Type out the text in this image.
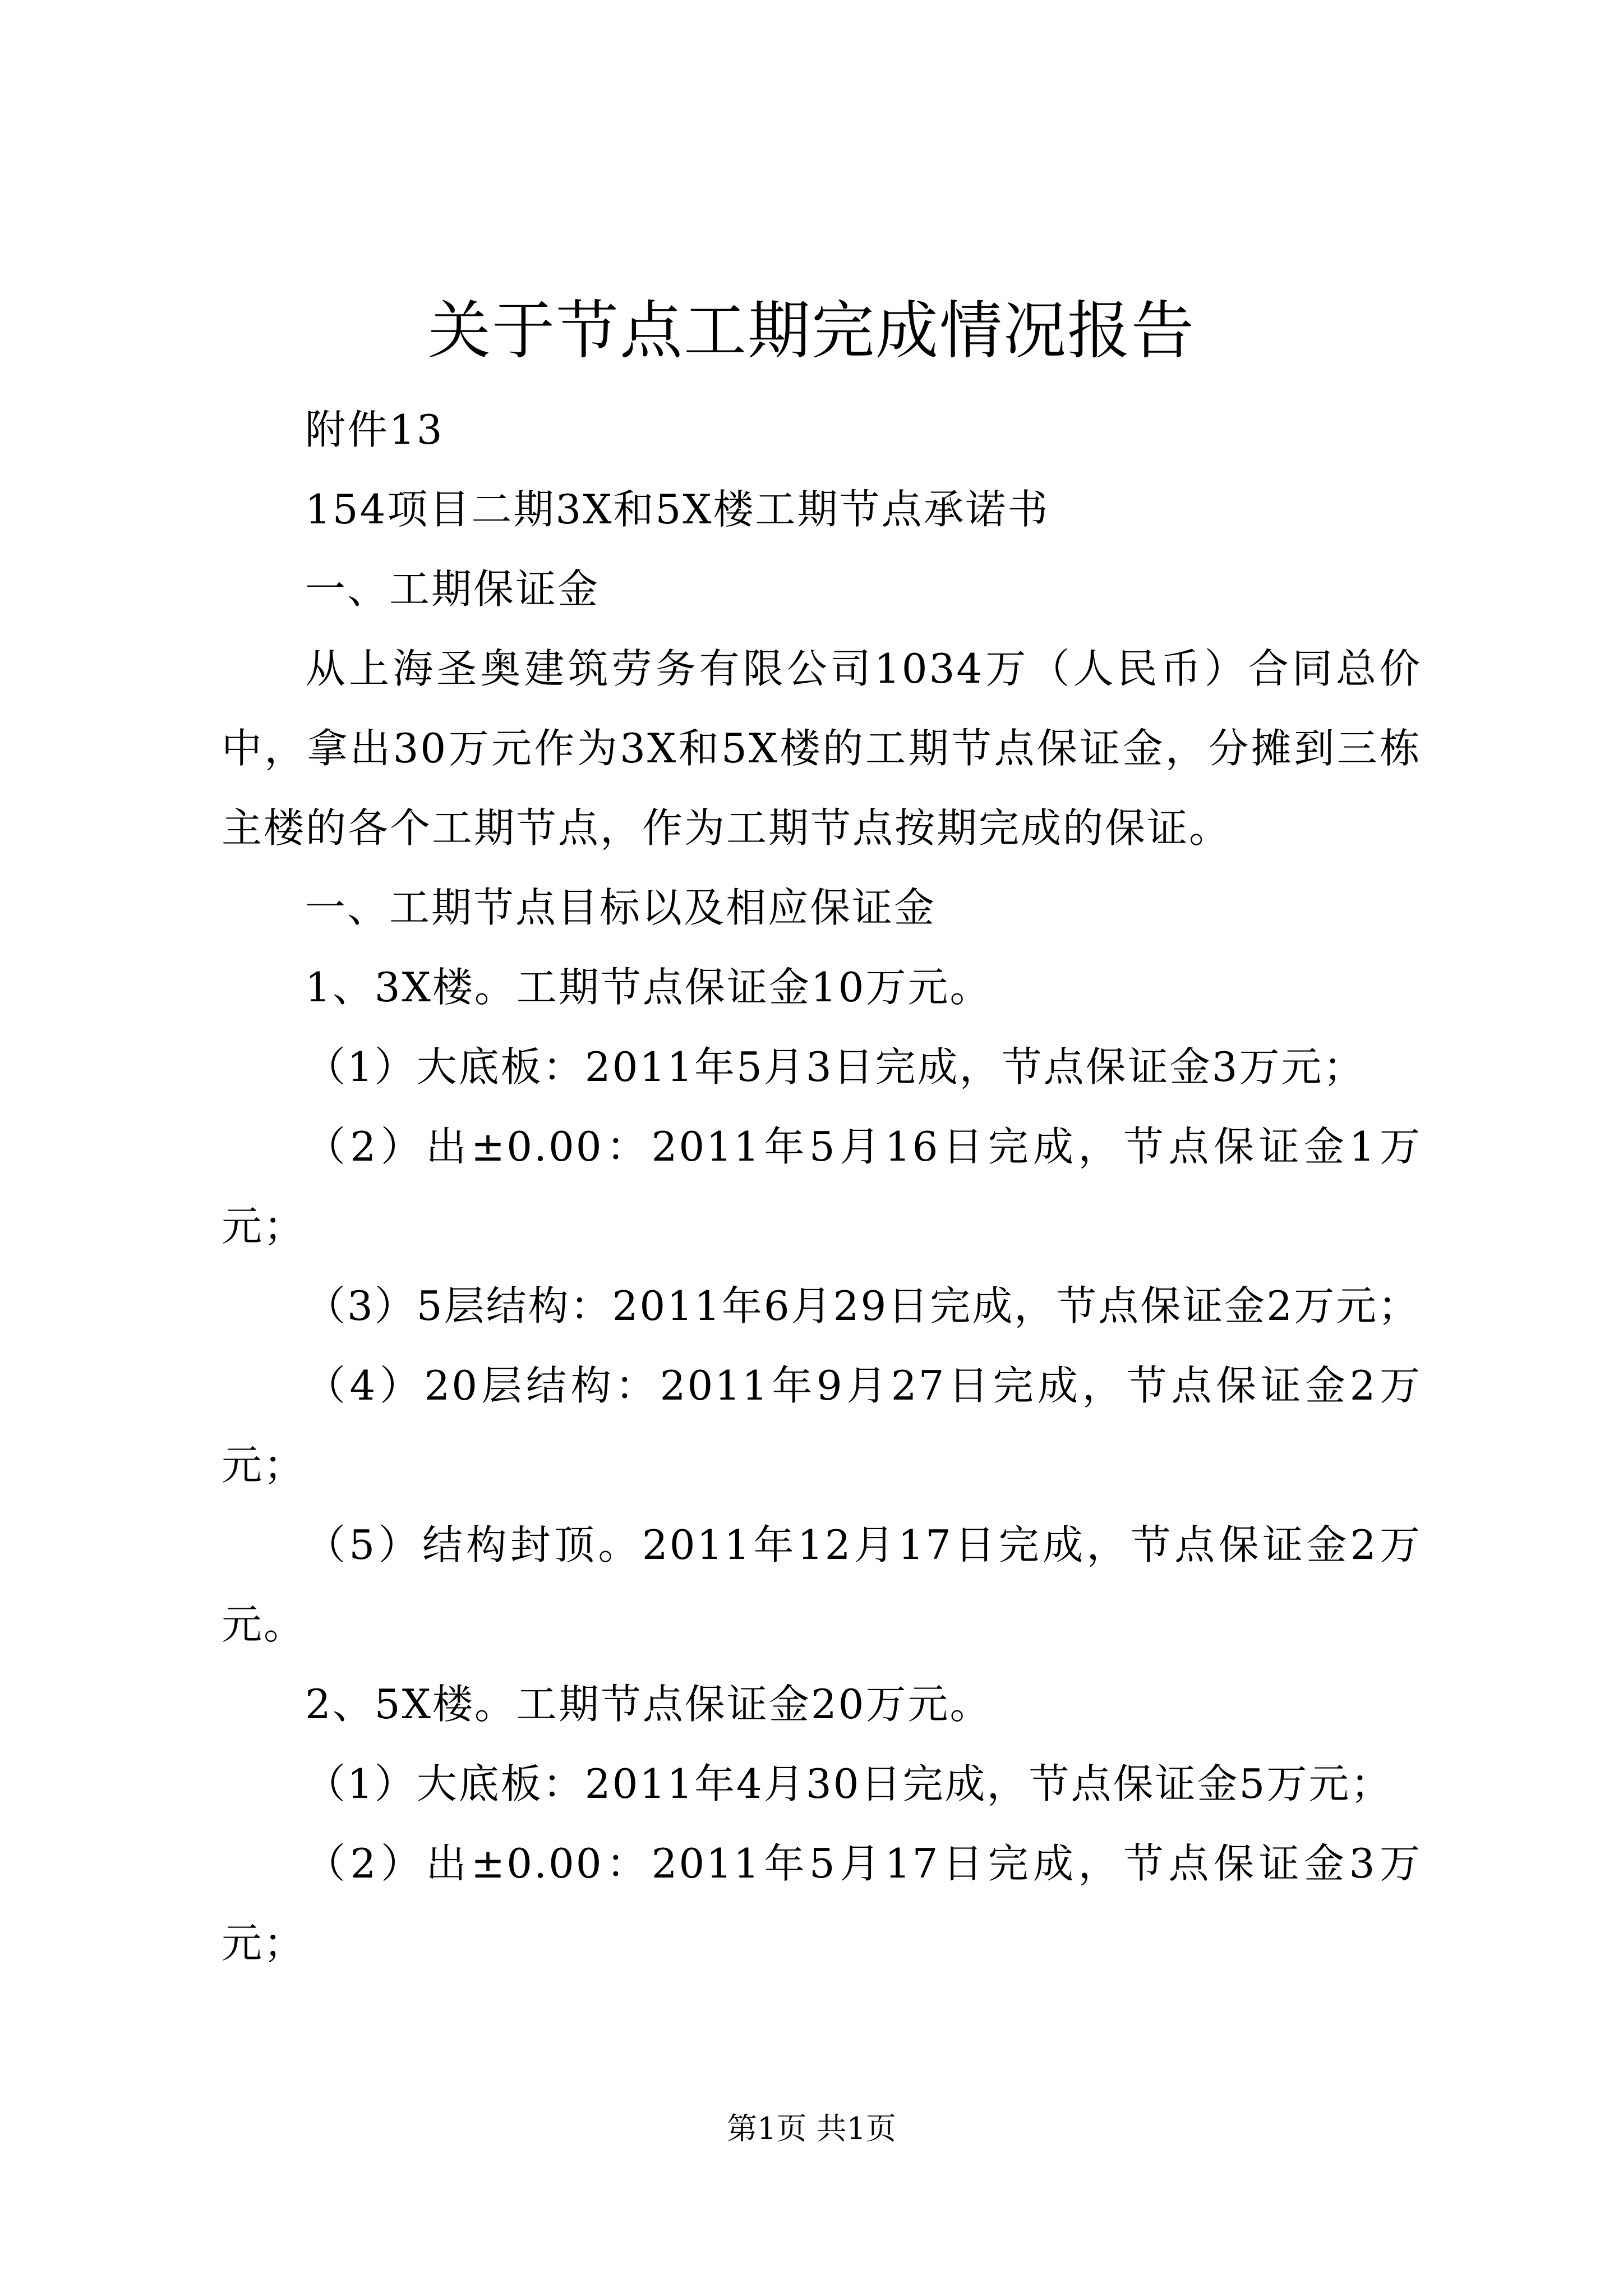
关于节点工期完成情况报告

附件13

154项目二期3X和5X楼工期节点承诺书

一、工期保证金

从上海圣奥建筑劳务有限公司1034万（人民币）合同总价中，拿出30万元作为3X和5X楼的工期节点保证金，分摊到三栋主楼的各个工期节点，作为工期节点按期完成的保证。

一、工期节点目标以及相应保证金

1、3X楼。工期节点保证金10万元。

（1）大底板：2011年5月3日完成，节点保证金3万元；

（2）出±0.00：2011年5月16日完成，节点保证金1万元；

（3）5层结构：2011年6月29日完成，节点保证金2万元；

（4）20层结构：2011年9月27日完成，节点保证金2万元；

（5）结构封顶。2011年12月17日完成，节点保证金2万元。

2、5X楼。工期节点保证金20万元。

（1）大底板：2011年4月30日完成，节点保证金5万元；

（2）出±0.00：2011年5月17日完成，节点保证金3万元；

第1页 共1页
